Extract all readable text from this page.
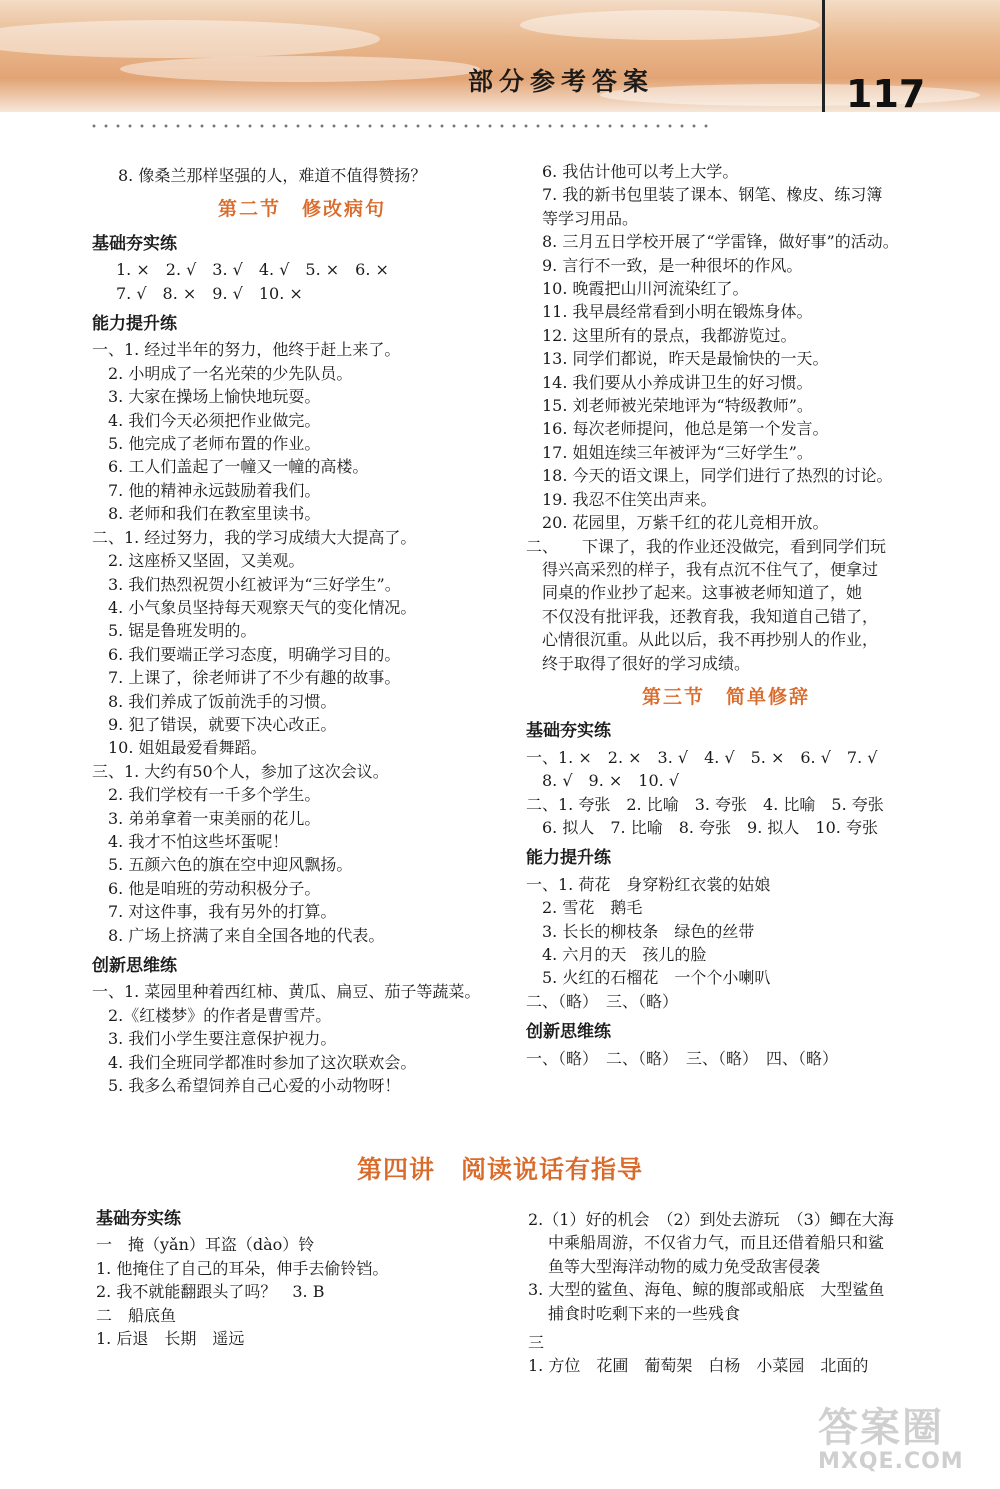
部分参考答案	117
8. 像桑兰那样坚强的人，难道不值得赞扬？
第二节　修改病句
基础夯实练
1. ×　2. √　3. √　4. √　5. ×　6. ×
7. √　8. ×　9. √　10. ×
能力提升练
一、1. 经过半年的努力，他终于赶上来了。
　2. 小明成了一名光荣的少先队员。
　3. 大家在操场上愉快地玩耍。
　4. 我们今天必须把作业做完。
　5. 他完成了老师布置的作业。
　6. 工人们盖起了一幢又一幢的高楼。
　7. 他的精神永远鼓励着我们。
　8. 老师和我们在教室里读书。
二、1. 经过努力，我的学习成绩大大提高了。
　2. 这座桥又坚固，又美观。
　3. 我们热烈祝贺小红被评为“三好学生”。
　4. 小气象员坚持每天观察天气的变化情况。
　5. 锯是鲁班发明的。
　6. 我们要端正学习态度，明确学习目的。
　7. 上课了，徐老师讲了不少有趣的故事。
　8. 我们养成了饭前洗手的习惯。
　9. 犯了错误，就要下决心改正。
　10. 姐姐最爱看舞蹈。
三、1. 大约有50个人，参加了这次会议。
　2. 我们学校有一千多个学生。
　3. 弟弟拿着一束美丽的花儿。
　4. 我才不怕这些坏蛋呢！
　5. 五颜六色的旗在空中迎风飘扬。
　6. 他是咱班的劳动积极分子。
　7. 对这件事，我有另外的打算。
　8. 广场上挤满了来自全国各地的代表。
创新思维练
一、1. 菜园里种着西红柿、黄瓜、扁豆、茄子等蔬菜。
　2.《红楼梦》的作者是曹雪芹。
　3. 我们小学生要注意保护视力。
　4. 我们全班同学都准时参加了这次联欢会。
　5. 我多么希望饲养自己心爱的小动物呀！
6. 我估计他可以考上大学。
7. 我的新书包里装了课本、钢笔、橡皮、练习簿
等学习用品。
8. 三月五日学校开展了“学雷锋，做好事”的活动。
9. 言行不一致，是一种很坏的作风。
10. 晚霞把山川河流染红了。
11. 我早晨经常看到小明在锻炼身体。
12. 这里所有的景点，我都游览过。
13. 同学们都说，昨天是最愉快的一天。
14. 我们要从小养成讲卫生的好习惯。
15. 刘老师被光荣地评为“特级教师”。
16. 每次老师提问，他总是第一个发言。
17. 姐姐连续三年被评为“三好学生”。
18. 今天的语文课上，同学们进行了热烈的讨论。
19. 我忍不住笑出声来。
20. 花园里，万紫千红的花儿竞相开放。
二、　　下课了，我的作业还没做完，看到同学们玩
　得兴高采烈的样子，我有点沉不住气了，便拿过
　同桌的作业抄了起来。这事被老师知道了，她
　不仅没有批评我，还教育我，我知道自己错了，
　心情很沉重。从此以后，我不再抄别人的作业，
　终于取得了很好的学习成绩。
第三节　简单修辞
基础夯实练
一、1. ×　2. ×　3. √　4. √　5. ×　6. √　7. √
　8. √　9. ×　10. √
二、1. 夸张　2. 比喻　3. 夸张　4. 比喻　5. 夸张
　6. 拟人　7. 比喻　8. 夸张　9. 拟人　10. 夸张
能力提升练
一、1. 荷花　身穿粉红衣裳的姑娘
　2. 雪花　鹅毛
　3. 长长的柳枝条　绿色的丝带
　4. 六月的天　孩儿的脸
　5. 火红的石榴花　一个个小喇叭
二、（略）　三、（略）
创新思维练
一、（略）　二、（略）　三、（略）　四、（略）
第四讲　阅读说话有指导
基础夯实练
一　掩（yǎn）耳盗（dào）铃
1. 他掩住了自己的耳朵，伸手去偷铃铛。
2. 我不就能翻跟头了吗？　3. B
二　船底鱼
1. 后退　长期　遥远
2.（1）好的机会　（2）到处去游玩　（3）鲫在大海
中乘船周游，不仅省力气，而且还借着船只和鲨
鱼等大型海洋动物的威力免受敌害侵袭
3. 大型的鲨鱼、海龟、鲸的腹部或船底　大型鲨鱼
捕食时吃剩下来的一些残食
三
1. 方位　花圃　葡萄架　白杨　小菜园　北面的
答案圈
MXQE.COM
